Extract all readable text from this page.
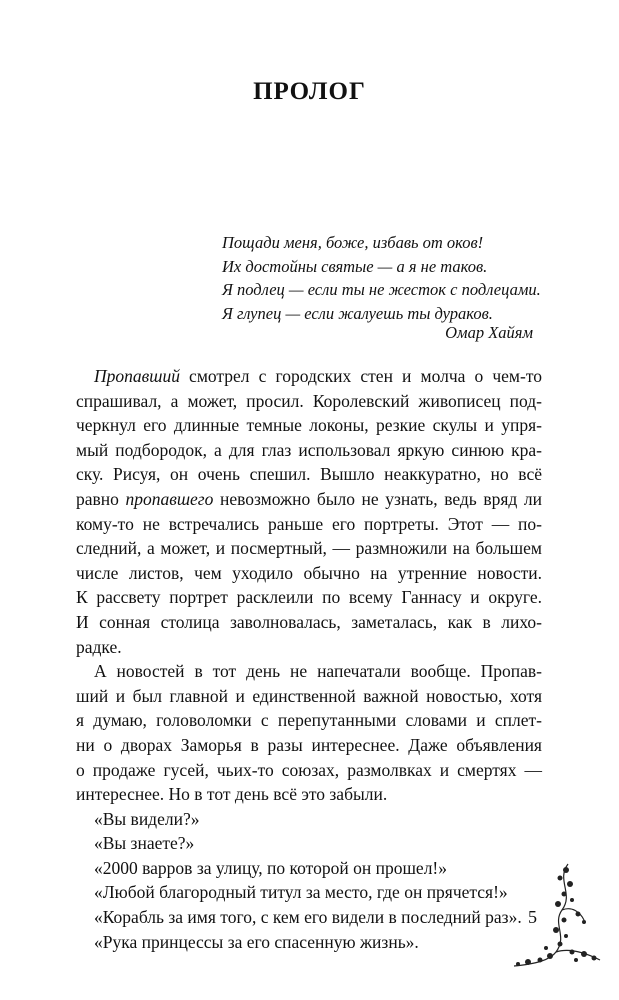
ПРОЛОГ
Пощади меня, боже, избавь от оков!
Их достойны святые — а я не таков.
Я подлец — если ты не жесток с подлецами.
Я глупец — если жалуешь ты дураков.
Омар Хайям
Пропавший смотрел с городских стен и молча о чем-то
спрашивал, а может, просил. Королевский живописец под-
черкнул его длинные темные локоны, резкие скулы и упря-
мый подбородок, а для глаз использовал яркую синюю кра-
ску. Рисуя, он очень спешил. Вышло неаккуратно, но всё
равно пропавшего невозможно было не узнать, ведь вряд ли
кому-то не встречались раньше его портреты. Этот — по-
следний, а может, и посмертный, — размножили на большем
числе листов, чем уходило обычно на утренние новости.
К рассвету портрет расклеили по всему Ганнасу и округе.
И сонная столица заволновалась, заметалась, как в лихо-
радке.
А новостей в тот день не напечатали вообще. Пропав-
ший и был главной и единственной важной новостью, хотя
я думаю, головоломки с перепутанными словами и сплет-
ни о дворах Заморья в разы интереснее. Даже объявления
о продаже гусей, чьих-то союзах, размолвках и смертях —
интереснее. Но в тот день всё это забыли.
«Вы видели?»
«Вы знаете?»
«2000 варров за улицу, по которой он прошел!»
«Любой благородный титул за место, где он прячется!»
«Корабль за имя того, с кем его видели в последний раз».
«Рука принцессы за его спасенную жизнь».
5
